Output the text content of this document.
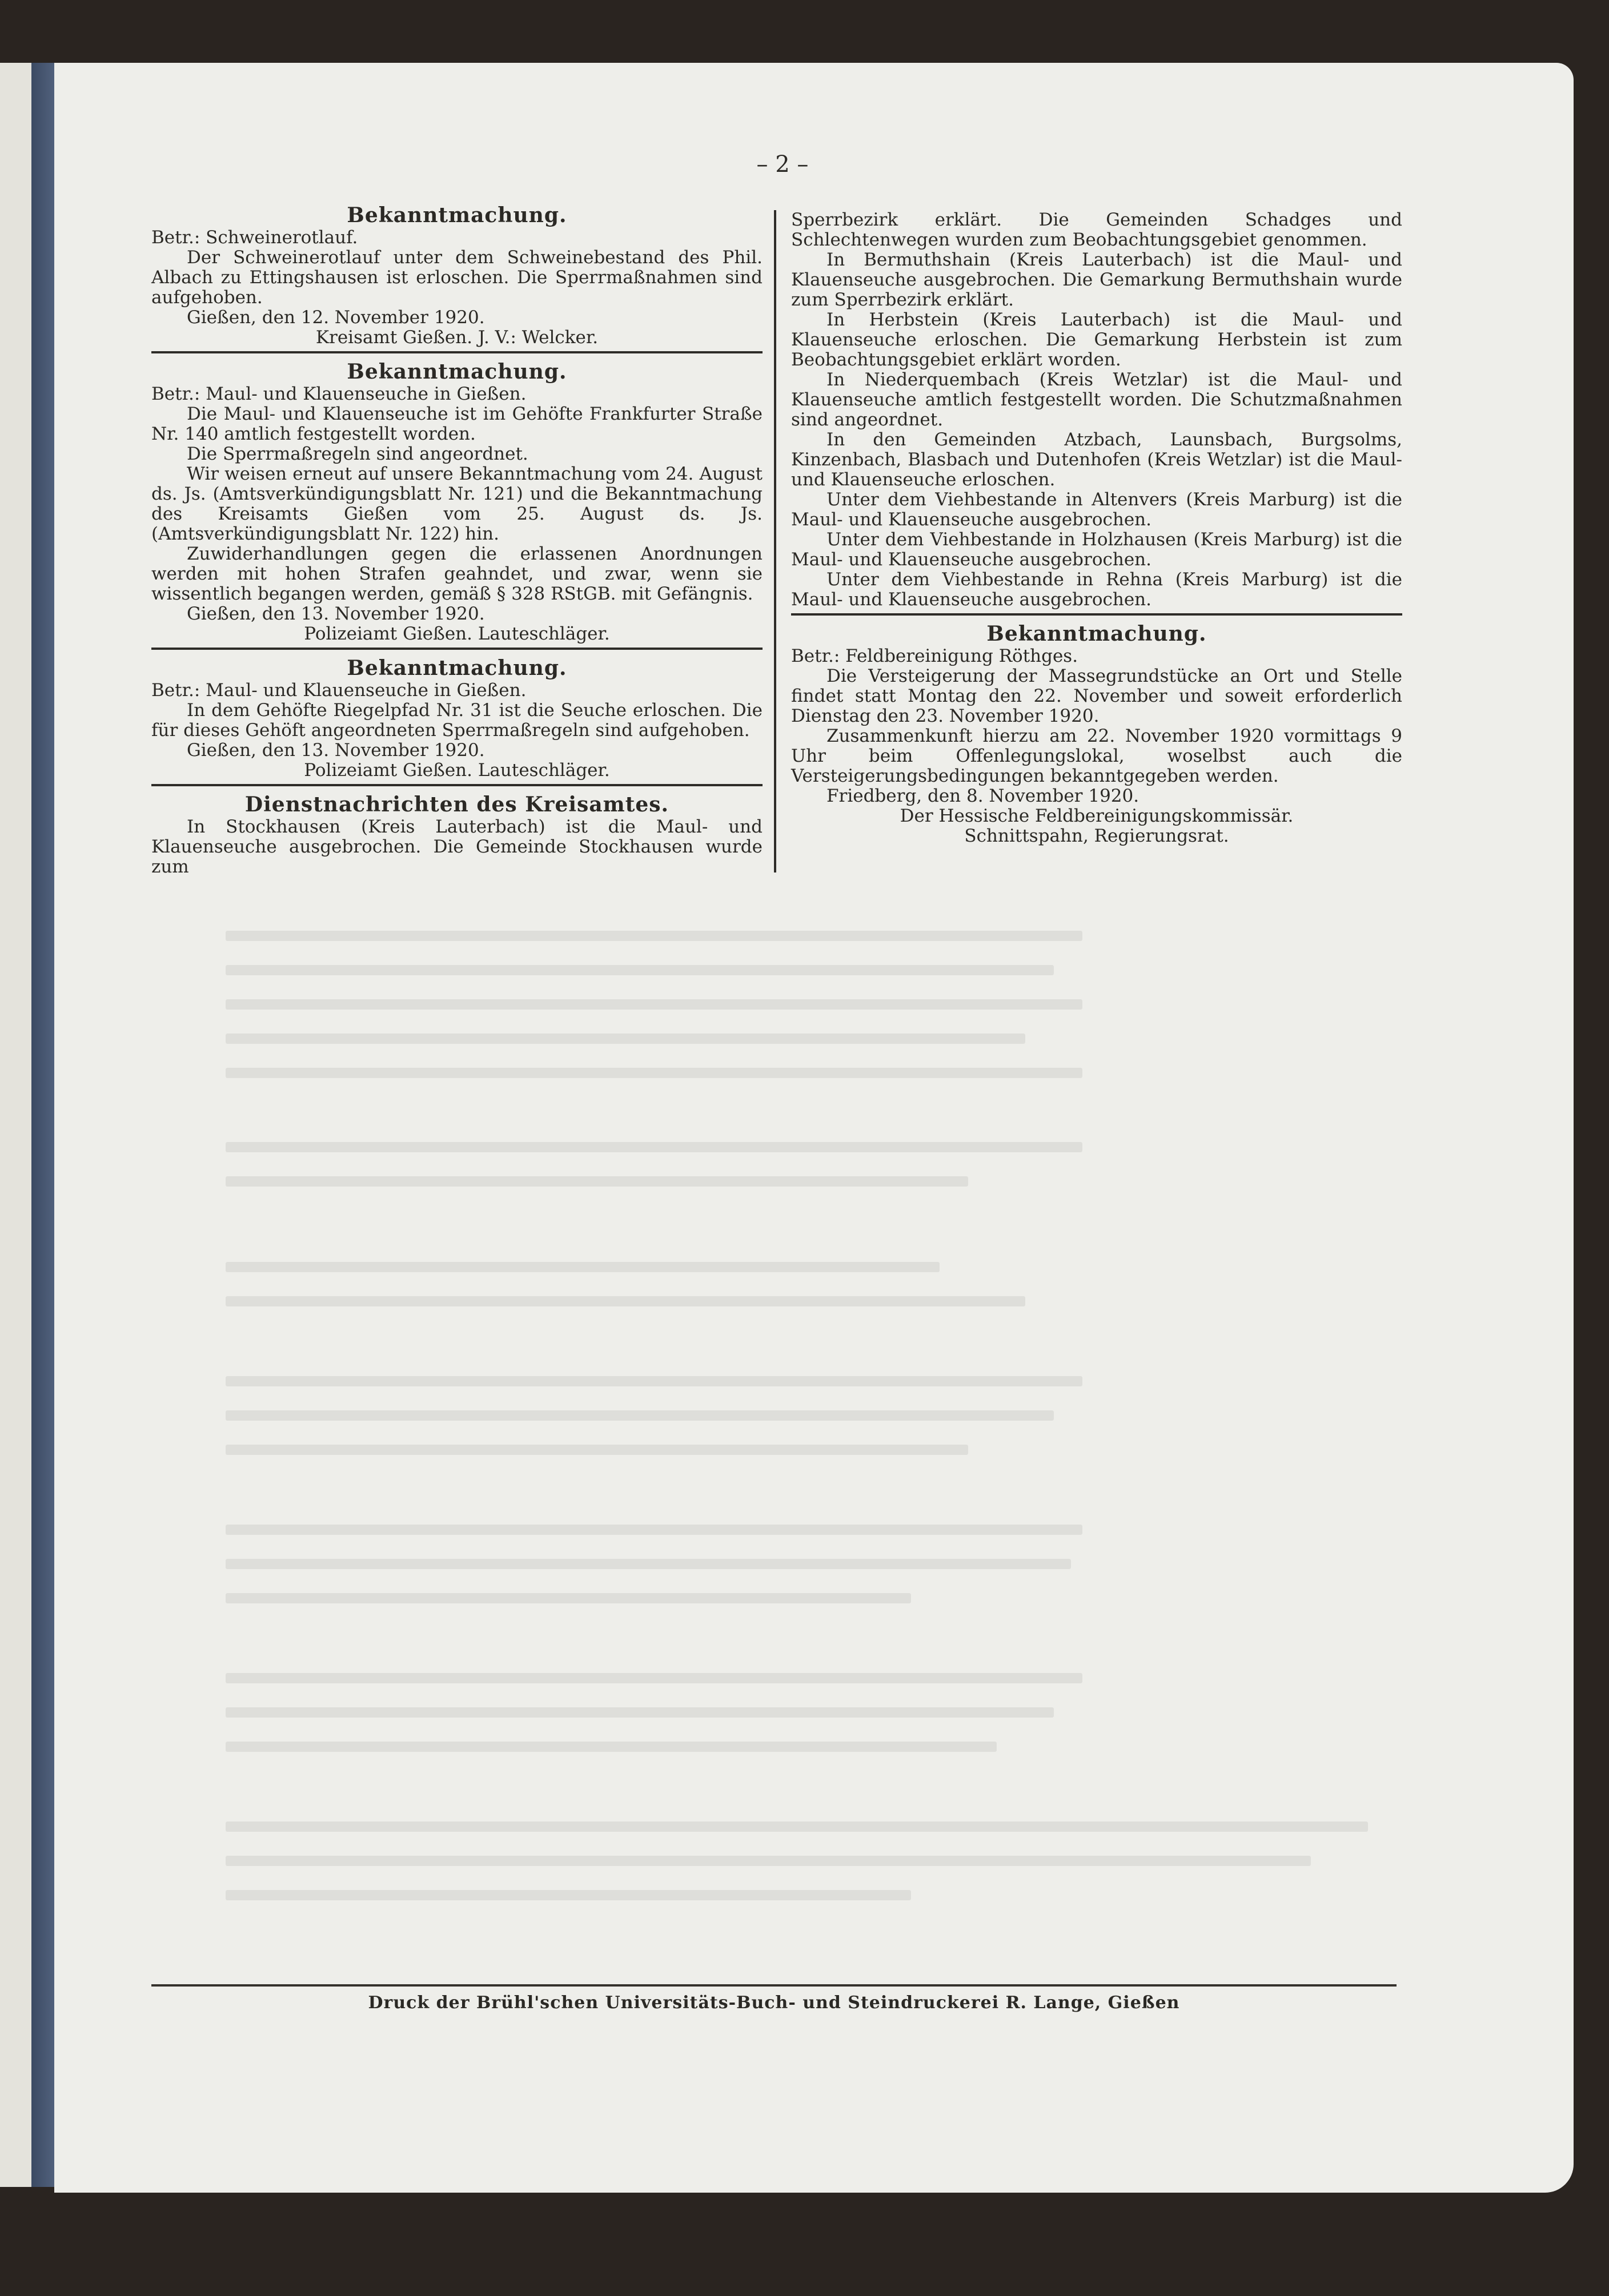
– 2 –
Bekanntmachung.

Betr.: Schweinerotlauf.

Der Schweinerotlauf unter dem Schweinebestand des Phil. Albach zu Ettingshausen ist erloschen. Die Sperrmaßnahmen sind aufgehoben.

Gießen, den 12. November 1920.

Kreisamt Gießen. J. V.: Welcker.

Bekanntmachung.

Betr.: Maul- und Klauenseuche in Gießen.

Die Maul- und Klauenseuche ist im Gehöfte Frankfurter Straße Nr. 140 amtlich festgestellt worden.

Die Sperrmaßregeln sind angeordnet.

Wir weisen erneut auf unsere Bekanntmachung vom 24. August ds. Js. (Amtsverkündigungsblatt Nr. 121) und die Bekanntmachung des Kreisamts Gießen vom 25. August ds. Js. (Amtsverkündigungsblatt Nr. 122) hin.

Zuwiderhandlungen gegen die erlassenen Anordnungen werden mit hohen Strafen geahndet, und zwar, wenn sie wissentlich begangen werden, gemäß § 328 RStGB. mit Gefängnis.

Gießen, den 13. November 1920.

Polizeiamt Gießen. Lauteschläger.

Bekanntmachung.

Betr.: Maul- und Klauenseuche in Gießen.

In dem Gehöfte Riegelpfad Nr. 31 ist die Seuche erloschen. Die für dieses Gehöft angeordneten Sperrmaßregeln sind aufgehoben.

Gießen, den 13. November 1920.

Polizeiamt Gießen. Lauteschläger.

Dienstnachrichten des Kreisamtes.

In Stockhausen (Kreis Lauterbach) ist die Maul- und Klauenseuche ausgebrochen. Die Gemeinde Stockhausen wurde zum

Sperrbezirk erklärt. Die Gemeinden Schadges und Schlechtenwegen wurden zum Beobachtungsgebiet genommen.

In Bermuthshain (Kreis Lauterbach) ist die Maul- und Klauenseuche ausgebrochen. Die Gemarkung Bermuthshain wurde zum Sperrbezirk erklärt.

In Herbstein (Kreis Lauterbach) ist die Maul- und Klauenseuche erloschen. Die Gemarkung Herbstein ist zum Beobachtungsgebiet erklärt worden.

In Niederquembach (Kreis Wetzlar) ist die Maul- und Klauenseuche amtlich festgestellt worden. Die Schutzmaßnahmen sind angeordnet.

In den Gemeinden Atzbach, Launsbach, Burgsolms, Kinzenbach, Blasbach und Dutenhofen (Kreis Wetzlar) ist die Maul- und Klauenseuche erloschen.

Unter dem Viehbestande in Altenvers (Kreis Marburg) ist die Maul- und Klauenseuche ausgebrochen.

Unter dem Viehbestande in Holzhausen (Kreis Marburg) ist die Maul- und Klauenseuche ausgebrochen.

Unter dem Viehbestande in Rehna (Kreis Marburg) ist die Maul- und Klauenseuche ausgebrochen.

Bekanntmachung.

Betr.: Feldbereinigung Röthges.

Die Versteigerung der Massegrundstücke an Ort und Stelle findet statt Montag den 22. November und soweit erforderlich Dienstag den 23. November 1920.

Zusammenkunft hierzu am 22. November 1920 vormittags 9 Uhr beim Offenlegungslokal, woselbst auch die Versteigerungsbedingungen bekanntgegeben werden.

Friedberg, den 8. November 1920.

Der Hessische Feldbereinigungskommissär.

Schnittspahn, Regierungsrat.

Druck der Brühl'schen Universitäts-Buch- und Steindruckerei R. Lange, Gießen
